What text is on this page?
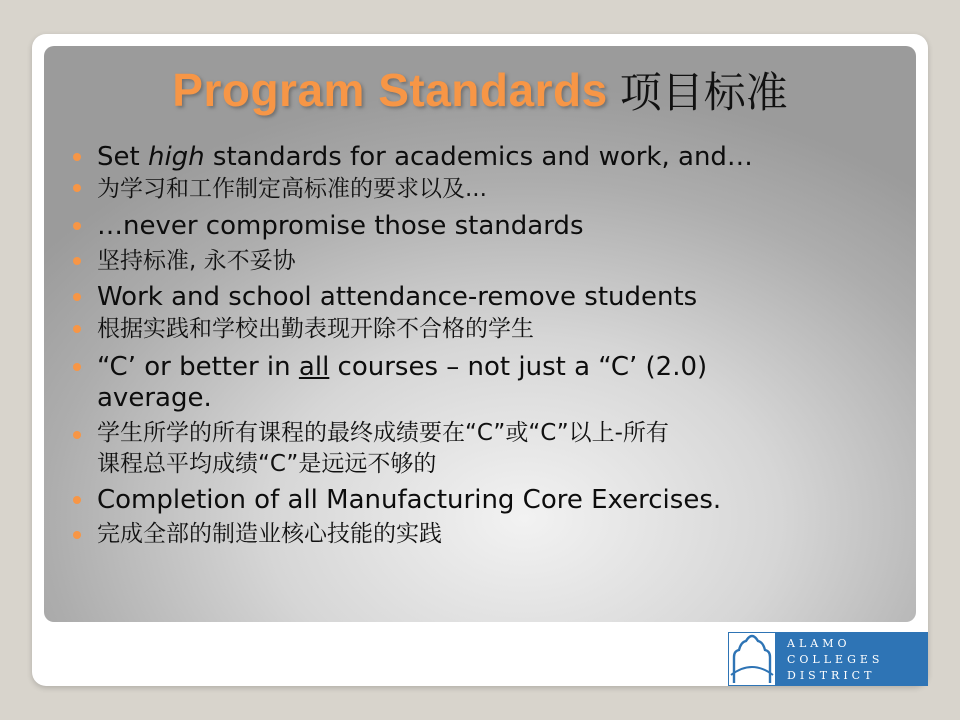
Program Standards 项目标准

Set high standards for academics and work, and…

为学习和工作制定高标准的要求以及...

…never compromise those standards

坚持标准, 永不妥协

Work and school attendance-remove students

根据实践和学校出勤表现开除不合格的学生

“C’ or better in all courses – not just a “C’ (2.0)

average.

学生所学的所有课程的最终成绩要在“C”或“C”以上-所有

课程总平均成绩“C”是远远不够的

Completion of all Manufacturing Core Exercises.

完成全部的制造业核心技能的实践

ALAMO
COLLEGES
DISTRICT
